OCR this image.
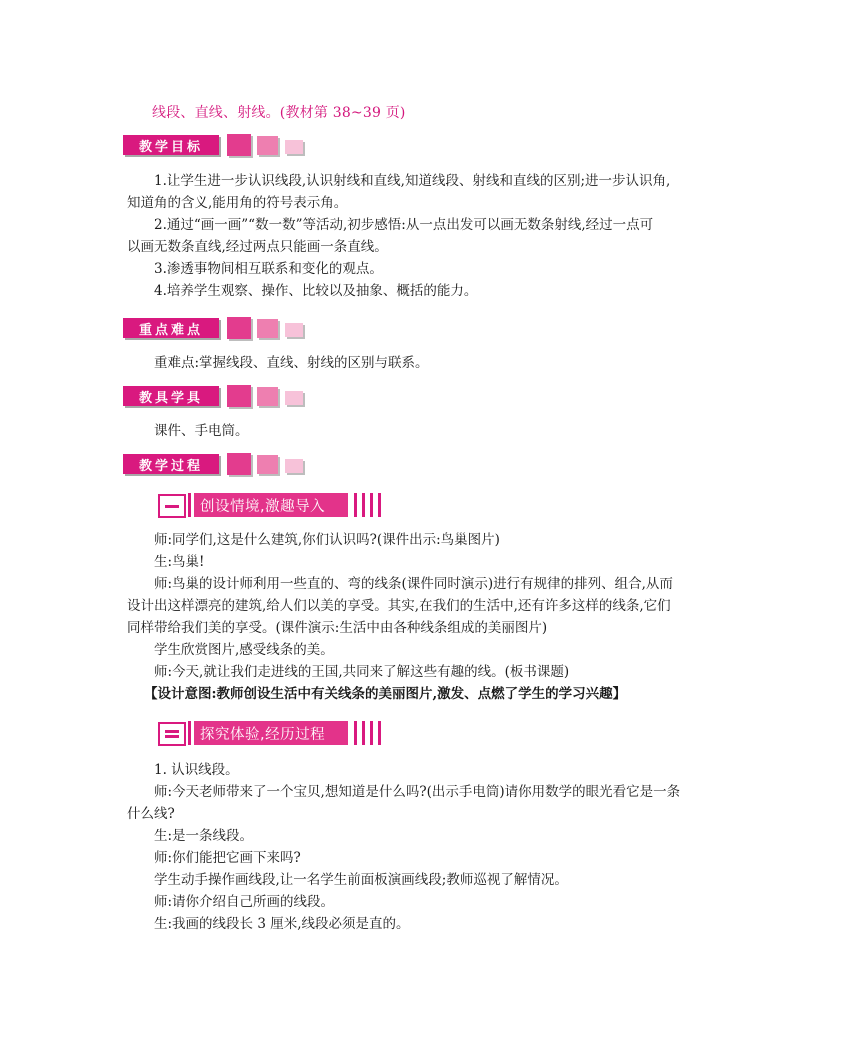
线段、直线、射线。(教材第 38~39 页)
教学目标
1.让学生进一步认识线段,认识射线和直线,知道线段、射线和直线的区别;进一步认识角,
知道角的含义,能用角的符号表示角。
2.通过“画一画”“数一数”等活动,初步感悟:从一点出发可以画无数条射线,经过一点可
以画无数条直线,经过两点只能画一条直线。
3.渗透事物间相互联系和变化的观点。
4.培养学生观察、操作、比较以及抽象、概括的能力。
重点难点
重难点:掌握线段、直线、射线的区别与联系。
教具学具
课件、手电筒。
教学过程
创设情境,激趣导入
师:同学们,这是什么建筑,你们认识吗?(课件出示:鸟巢图片)
生:鸟巢!
师:鸟巢的设计师利用一些直的、弯的线条(课件同时演示)进行有规律的排列、组合,从而
设计出这样漂亮的建筑,给人们以美的享受。其实,在我们的生活中,还有许多这样的线条,它们
同样带给我们美的享受。(课件演示:生活中由各种线条组成的美丽图片)
学生欣赏图片,感受线条的美。
师:今天,就让我们走进线的王国,共同来了解这些有趣的线。(板书课题)
【设计意图:教师创设生活中有关线条的美丽图片,激发、点燃了学生的学习兴趣】
探究体验,经历过程
1. 认识线段。
师:今天老师带来了一个宝贝,想知道是什么吗?(出示手电筒)请你用数学的眼光看它是一条
什么线?
生:是一条线段。
师:你们能把它画下来吗?
学生动手操作画线段,让一名学生前面板演画线段;教师巡视了解情况。
师:请你介绍自己所画的线段。
生:我画的线段长 3 厘米,线段必须是直的。
